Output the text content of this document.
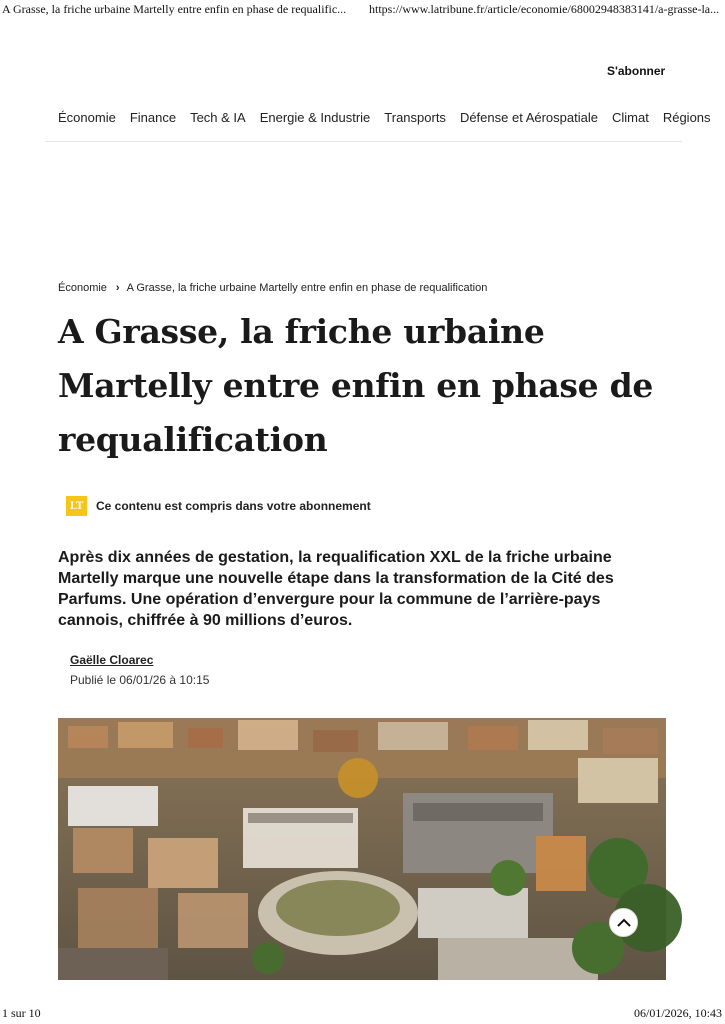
A Grasse, la friche urbaine Martelly entre enfin en phase de requalific... https://www.latribune.fr/article/economie/68002948383141/a-grasse-la...
S'abonner
Économie Finance Tech & IA Energie & Industrie Transports Défense et Aérospatiale Climat Régions
Économie › A Grasse, la friche urbaine Martelly entre enfin en phase de requalification
A Grasse, la friche urbaine Martelly entre enfin en phase de requalification
LT	Ce contenu est compris dans votre abonnement

Après dix années de gestation, la requalification XXL de la friche urbaine Martelly marque une nouvelle étape dans la transformation de la Cité des Parfums. Une opération d’envergure pour la commune de l’arrière-pays cannois, chiffrée à 90 millions d’euros.

Gaëlle Cloarec
Publié le 06/01/26 à 10:15
1 sur 10	06/01/2026, 10:43
